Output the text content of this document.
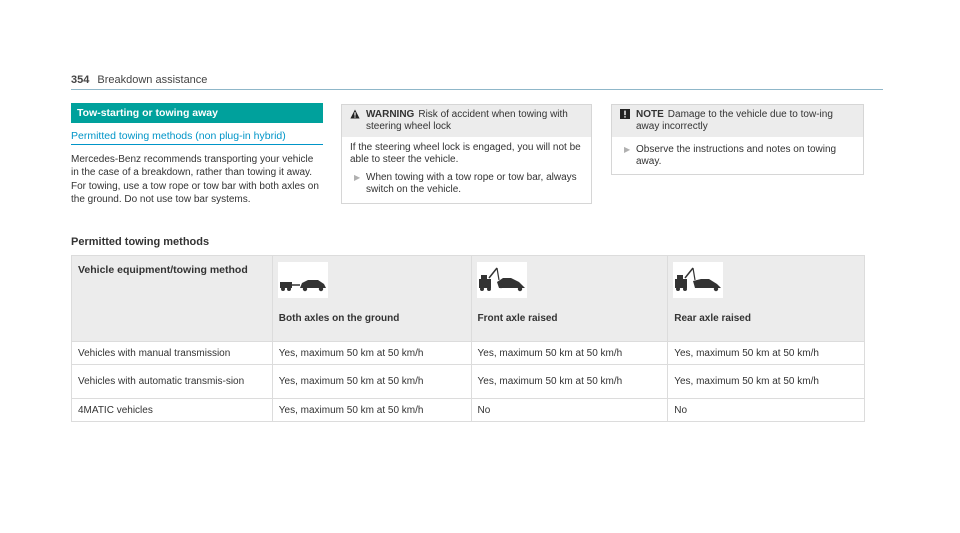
354 Breakdown assistance
Tow-starting or towing away
Permitted towing methods (non plug-in hybrid)
Mercedes-Benz recommends transporting your vehicle in the case of a breakdown, rather than towing it away.
For towing, use a tow rope or tow bar with both axles on the ground. Do not use tow bar systems.
WARNING Risk of accident when towing with steering wheel lock
If the steering wheel lock is engaged, you will not be able to steer the vehicle.
▶ When towing with a tow rope or tow bar, always switch on the vehicle.
NOTE Damage to the vehicle due to tow-ing away incorrectly
▶ Observe the instructions and notes on towing away.
Permitted towing methods
Vehicle equipment/towing method	Both axles on the ground	Front axle raised	Rear axle raised
Vehicles with manual transmission	Yes, maximum 50 km at 50 km/h	Yes, maximum 50 km at 50 km/h	Yes, maximum 50 km at 50 km/h
Vehicles with automatic transmis-sion	Yes, maximum 50 km at 50 km/h	Yes, maximum 50 km at 50 km/h	Yes, maximum 50 km at 50 km/h
4MATIC vehicles	Yes, maximum 50 km at 50 km/h	No	No
